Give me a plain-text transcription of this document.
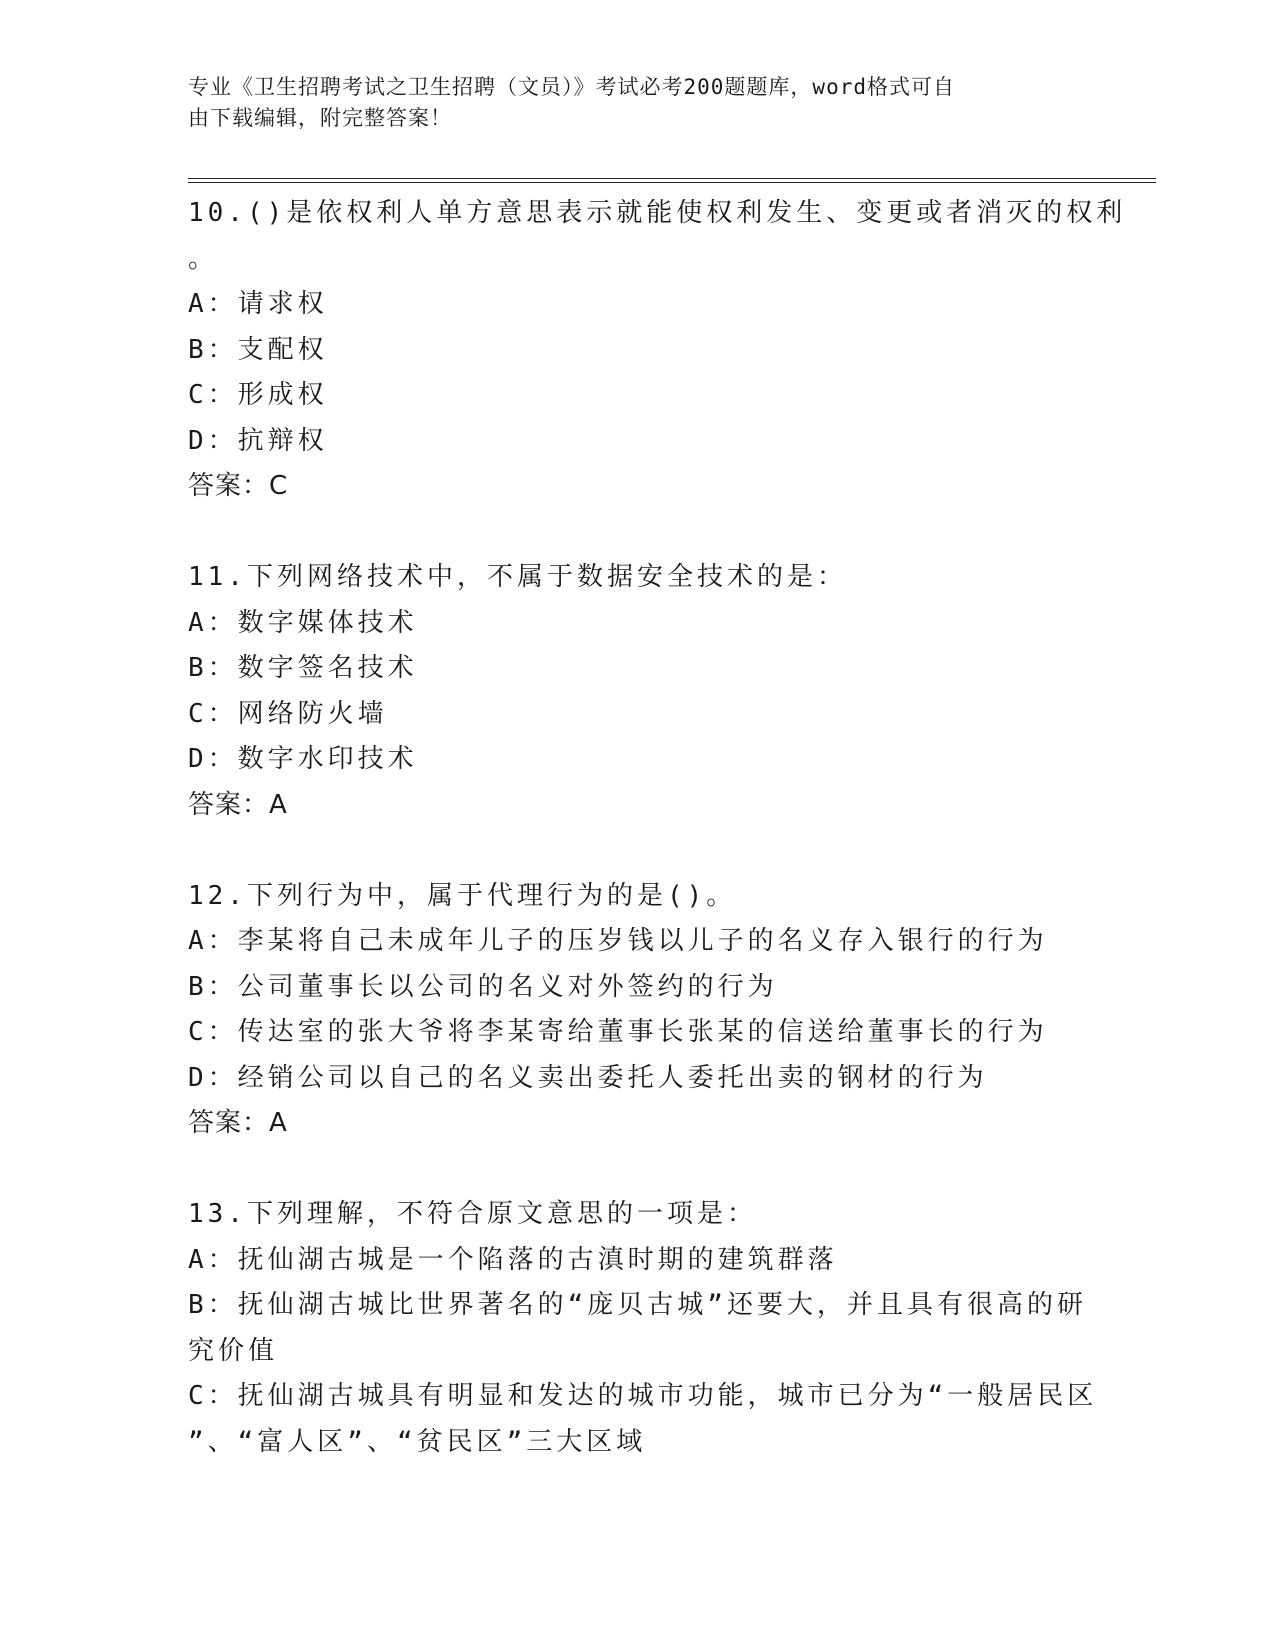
专业《卫生招聘考试之卫生招聘（文员）》考试必考200题题库，word格式可自
由下载编辑，附完整答案！
10.()是依权利人单方意思表示就能使权利发生、变更或者消灭的权利
。
A：请求权
B：支配权
C：形成权
D：抗辩权
答案：C
11.下列网络技术中，不属于数据安全技术的是：
A：数字媒体技术
B：数字签名技术
C：网络防火墙
D：数字水印技术
答案：A
12.下列行为中，属于代理行为的是()。
A：李某将自己未成年儿子的压岁钱以儿子的名义存入银行的行为
B：公司董事长以公司的名义对外签约的行为
C：传达室的张大爷将李某寄给董事长张某的信送给董事长的行为
D：经销公司以自己的名义卖出委托人委托出卖的钢材的行为
答案：A
13.下列理解，不符合原文意思的一项是：
A：抚仙湖古城是一个陷落的古滇时期的建筑群落
B：抚仙湖古城比世界著名的“庞贝古城”还要大，并且具有很高的研
究价值
C：抚仙湖古城具有明显和发达的城市功能，城市已分为“一般居民区
”、“富人区”、“贫民区”三大区域
